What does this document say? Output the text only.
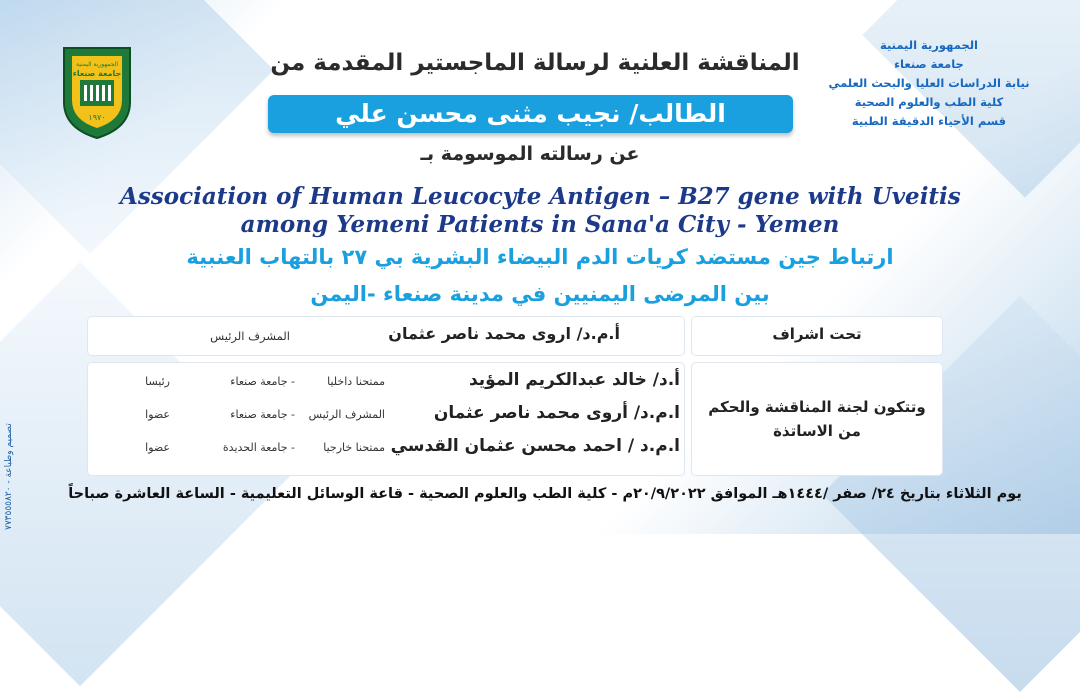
الجمهورية اليمنية
جامعة صنعاء
١٩٧٠
تصميم وطباعة - ٧٧٣٥٥٥٨٢٠
الجمهورية اليمنية
جامعة صنعاء
نيابة الدراسات العليا والبحث العلمي
كلية الطب والعلوم الصحية
قسم الأحياء الدقيقة الطبية
المناقشة العلنية لرسالة الماجستير المقدمة من
الطالب/ نجيب مثنى محسن علي
عن رسالته الموسومة بـ
Association of Human Leucocyte Antigen – B27 gene with Uveitis
among Yemeni Patients in Sana'a City - Yemen
ارتباط جين مستضد كريات الدم البيضاء البشرية بي ٢٧ بالتهاب العنبية
بين المرضى اليمنيين في مدينة صنعاء -اليمن
تحت اشراف
أ.م.د/ اروى محمد ناصر عثمان
المشرف الرئيس
وتتكون لجنة المناقشة والحكم
من الاساتذة
أ.د/ خالد عبدالكريم المؤيد
ممتحنا داخليا
- جامعة صنعاء
رئيسا
ا.م.د/ أروى محمد ناصر عثمان
المشرف الرئيس
- جامعة صنعاء
عضوا
ا.م.د / احمد محسن عثمان القدسي
ممتحنا خارجيا
- جامعة الحديدة
عضوا
يوم الثلاثاء بتاريخ ٢٤/ صفر /١٤٤٤هـ الموافق ٢٠/٩/٢٠٢٢م - كلية الطب والعلوم الصحية - قاعة الوسائل التعليمية - الساعة العاشرة صباحاً
